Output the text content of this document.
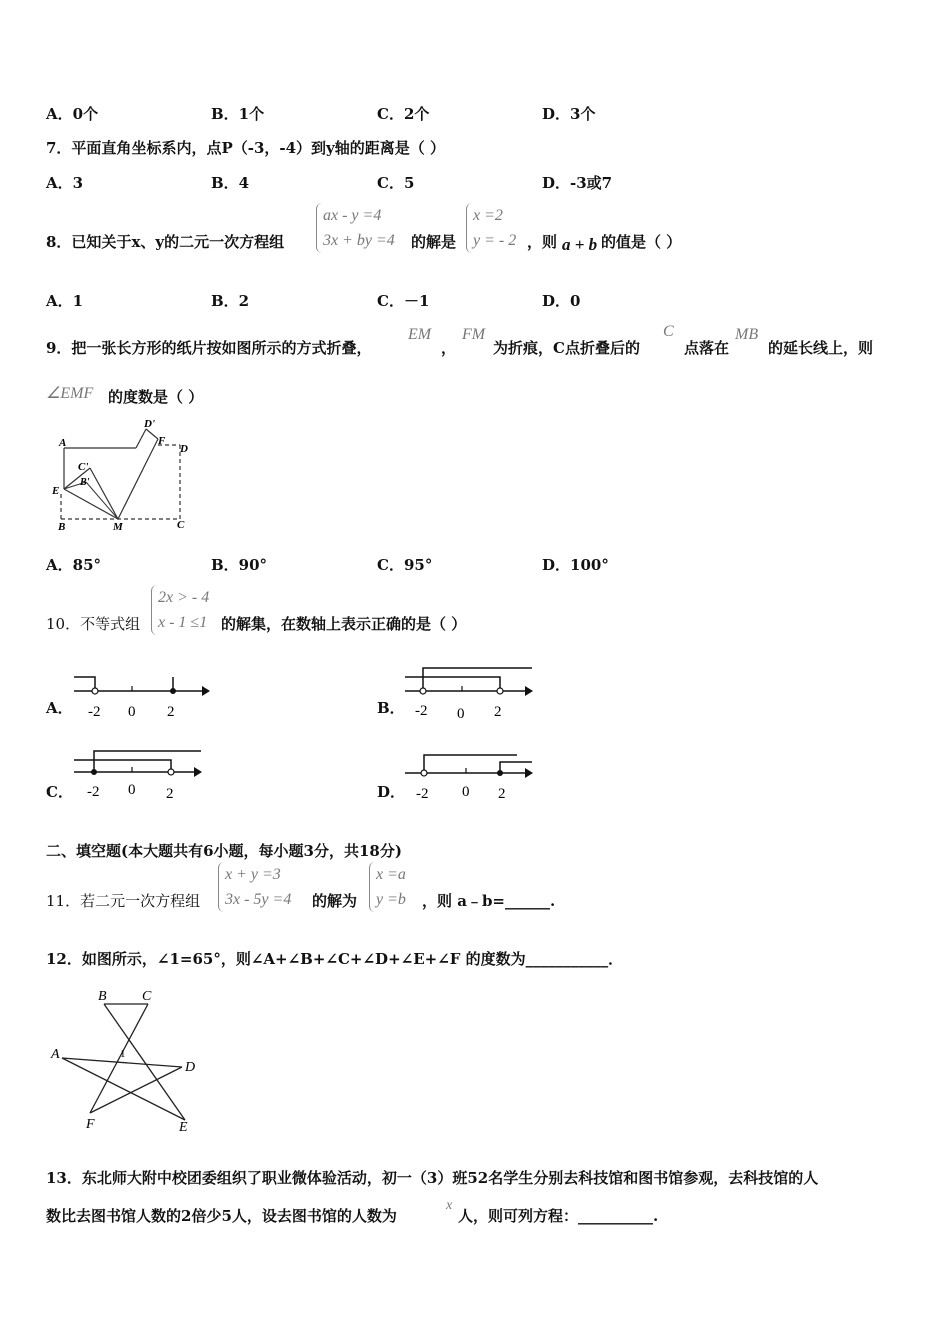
A．0个	B．1个	C．2个	D．3个
7．平面直角坐标系内，点P（-3，-4）到y轴的距离是（ ）
A．3	B．4	C．5	D．-3或7
8．已知关于x、y的二元一次方程组
ax - y =4
3x + by =4 的解是
x =2
y = - 2 ，则 a + b 的值是（ ）
A．1	B．2	C．－1	D．0
9．把一张长方形的纸片按如图所示的方式折叠，
EM
，
FM
为折痕，C点折叠后的
C
点落在
MB
的延长线上，则
∠EMF 的度数是（ ）
A
D'
D
F
C'
B'
E
B	M	C
A．85°	B．90°	C．95°	D．100°
10．不等式组
2x > - 4
x - 1 ≤1 的解集，在数轴上表示正确的是（ ）
A． -2 0 2	B． -2 0 2
C． -2 0 2	D． -2 0 2
二、填空题(本大题共有6小题，每小题3分，共18分)
11．若二元一次方程组
x + y =3
3x - 5y =4 的解为
x =a
y =b ，则 a﹣b=______.
12．如图所示，∠1=65°，则∠A+∠B+∠C+∠D+∠E+∠F 的度数为___________．
B	C
A	1
D
F	E
13．东北师大附中校团委组织了职业微体验活动，初一（3）班52名学生分别去科技馆和图书馆参观，去科技馆的人
数比去图书馆人数的2倍少5人，设去图书馆的人数为
x
人，则可列方程：__________.
